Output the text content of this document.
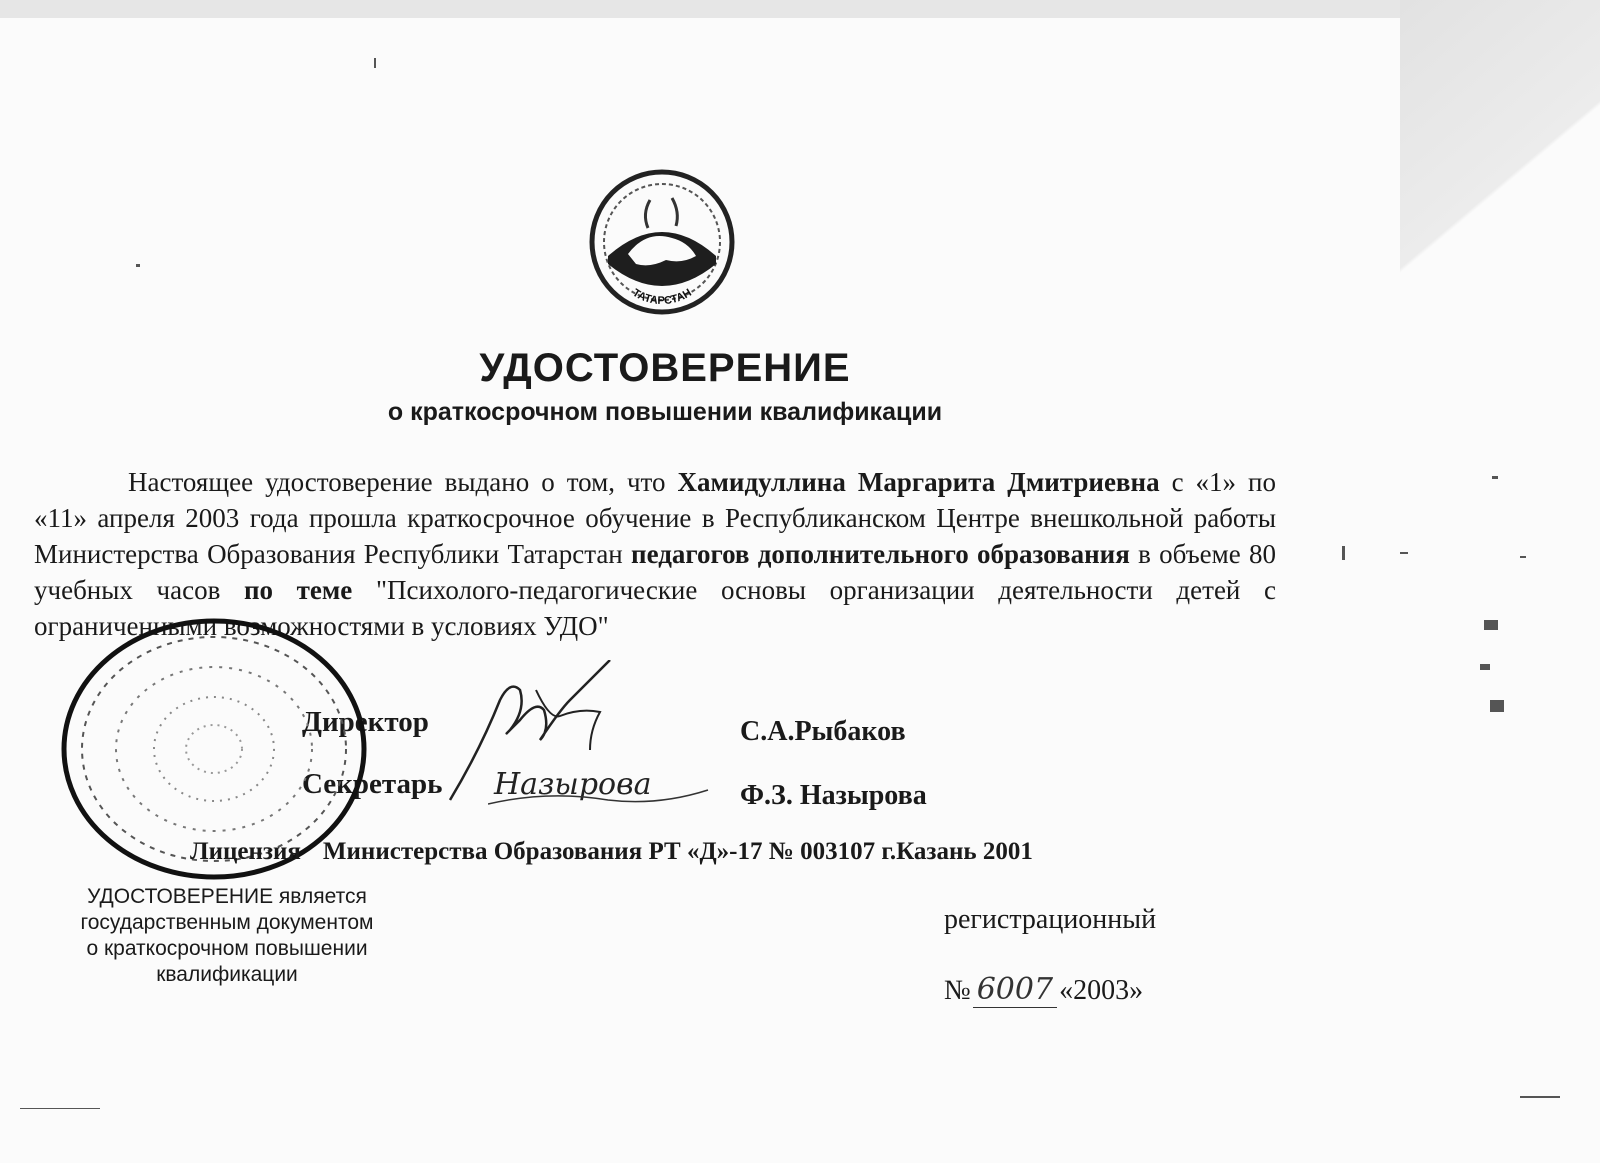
ТАТАРСТАН
УДОСТОВЕРЕНИЕ
о краткосрочном повышении квалификации
Настоящее удостоверение выдано о том, что Хамидуллина Маргарита Дмитриевна с «1» по «11» апреля 2003 года прошла краткосрочное обучение в Республиканском Центре внешкольной работы Министерства Образования Республики Татарстан педагогов дополнительного образования в объеме 80 учебных часов по теме "Психолого-педагогические основы организации деятельности детей с ограниченными возможностями в условиях УДО"
Директор	С.А.Рыбаков
Секретарь	Ф.З. Назырова
Назырова
Лицензия Министерства Образования РТ «Д»-17 № 003107 г.Казань 2001
УДОСТОВЕРЕНИЕ является
государственным документом
о краткосрочном повышении
квалификации
регистрационный
№ 6007 «2003»
